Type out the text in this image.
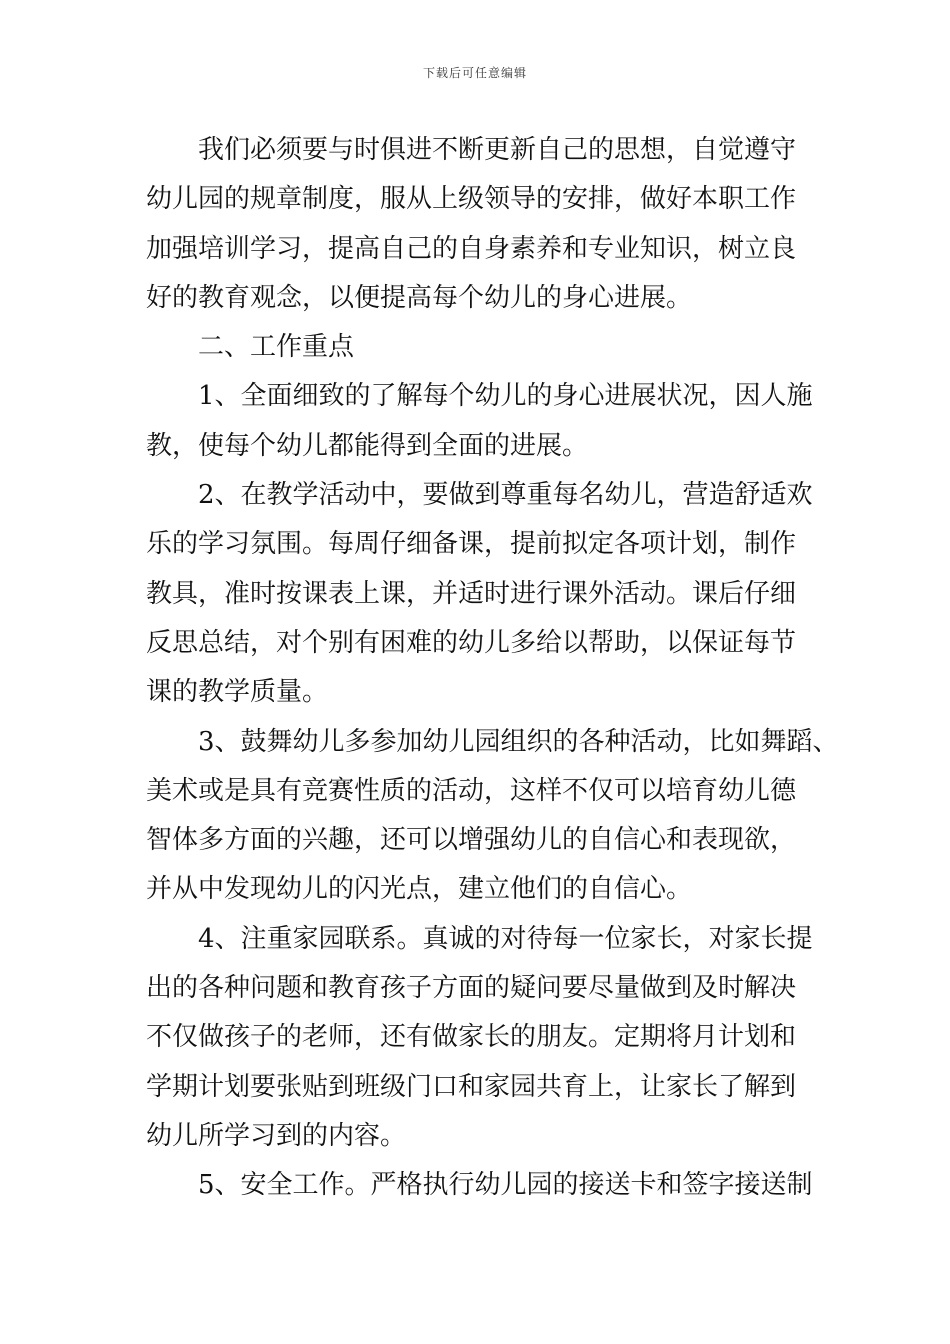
下载后可任意编辑
我们必须要与时俱进不断更新自己的思想，自觉遵守
幼儿园的规章制度，服从上级领导的安排，做好本职工作
加强培训学习，提高自己的自身素养和专业知识，树立良
好的教育观念，以便提高每个幼儿的身心进展。
二、工作重点
1、全面细致的了解每个幼儿的身心进展状况，因人施
教，使每个幼儿都能得到全面的进展。
2、在教学活动中，要做到尊重每名幼儿，营造舒适欢
乐的学习氛围。每周仔细备课，提前拟定各项计划，制作
教具，准时按课表上课，并适时进行课外活动。课后仔细
反思总结，对个别有困难的幼儿多给以帮助，以保证每节
课的教学质量。
3、鼓舞幼儿多参加幼儿园组织的各种活动，比如舞蹈、
美术或是具有竞赛性质的活动，这样不仅可以培育幼儿德
智体多方面的兴趣，还可以增强幼儿的自信心和表现欲，
并从中发现幼儿的闪光点，建立他们的自信心。
4、注重家园联系。真诚的对待每一位家长，对家长提
出的各种问题和教育孩子方面的疑问要尽量做到及时解决
不仅做孩子的老师，还有做家长的朋友。定期将月计划和
学期计划要张贴到班级门口和家园共育上，让家长了解到
幼儿所学习到的内容。
5、安全工作。严格执行幼儿园的接送卡和签字接送制
